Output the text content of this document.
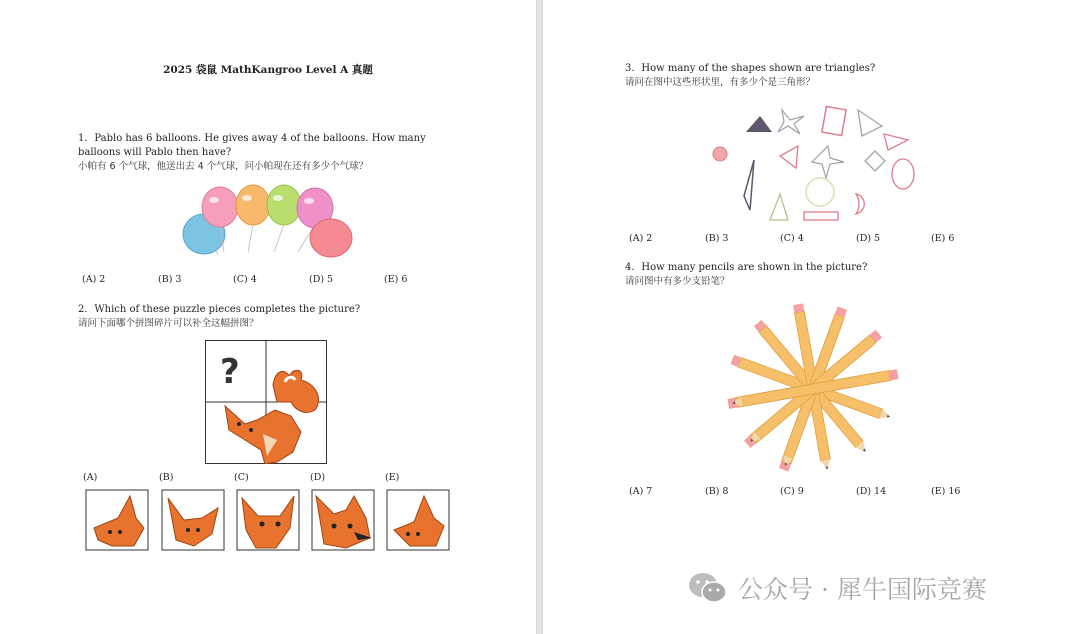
2025 袋鼠 MathKangroo Level A 真题
1．Pablo has 6 balloons. He gives away 4 of the balloons. How many balloons will Pablo then have?
小帕有 6 个气球，他送出去 4 个气球，问小帕现在还有多少个气球？
(A) 2	(B) 3	(C) 4	(D) 5	(E) 6
2．Which of these puzzle pieces completes the picture?
请问下面哪个拼图碎片可以补全这幅拼图？
?
(A)	(B)	(C)	(D)	(E)
3．How many of the shapes shown are triangles?
请问在图中这些形状里，有多少个是三角形？
(A) 2	(B) 3	(C) 4	(D) 5	(E) 6
4．How many pencils are shown in the picture?
请问图中有多少支铅笔？
(A) 7	(B) 8	(C) 9	(D) 14	(E) 16
公众号 · 犀牛国际竞赛
